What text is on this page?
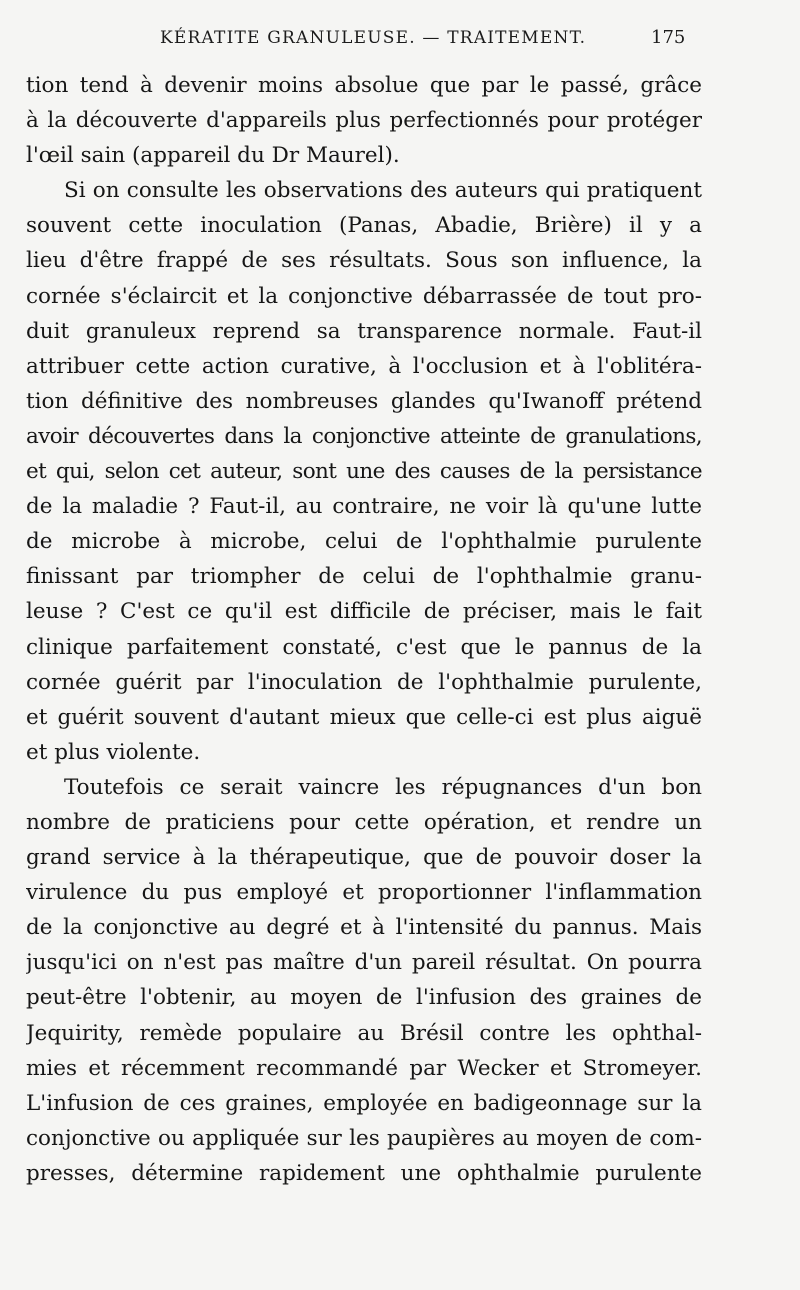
KÉRATITE GRANULEUSE. — TRAITEMENT.	175
tion tend à devenir moins absolue que par le passé, grâce
à la découverte d'appareils plus perfectionnés pour protéger
l'œil sain (appareil du Dr Maurel).
Si on consulte les observations des auteurs qui pratiquent
souvent cette inoculation (Panas, Abadie, Brière) il y a
lieu d'être frappé de ses résultats. Sous son influence, la
cornée s'éclaircit et la conjonctive débarrassée de tout pro-
duit granuleux reprend sa transparence normale. Faut-il
attribuer cette action curative, à l'occlusion et à l'oblitéra-
tion définitive des nombreuses glandes qu'Iwanoff prétend
avoir découvertes dans la conjonctive atteinte de granulations,
et qui, selon cet auteur, sont une des causes de la persistance
de la maladie ? Faut-il, au contraire, ne voir là qu'une lutte
de microbe à microbe, celui de l'ophthalmie purulente
finissant par triompher de celui de l'ophthalmie granu-
leuse ? C'est ce qu'il est difficile de préciser, mais le fait
clinique parfaitement constaté, c'est que le pannus de la
cornée guérit par l'inoculation de l'ophthalmie purulente,
et guérit souvent d'autant mieux que celle-ci est plus aiguë
et plus violente.
Toutefois ce serait vaincre les répugnances d'un bon
nombre de praticiens pour cette opération, et rendre un
grand service à la thérapeutique, que de pouvoir doser la
virulence du pus employé et proportionner l'inflammation
de la conjonctive au degré et à l'intensité du pannus. Mais
jusqu'ici on n'est pas maître d'un pareil résultat. On pourra
peut-être l'obtenir, au moyen de l'infusion des graines de
Jequirity, remède populaire au Brésil contre les ophthal-
mies et récemment recommandé par Wecker et Stromeyer.
L'infusion de ces graines, employée en badigeonnage sur la
conjonctive ou appliquée sur les paupières au moyen de com-
presses, détermine rapidement une ophthalmie purulente
